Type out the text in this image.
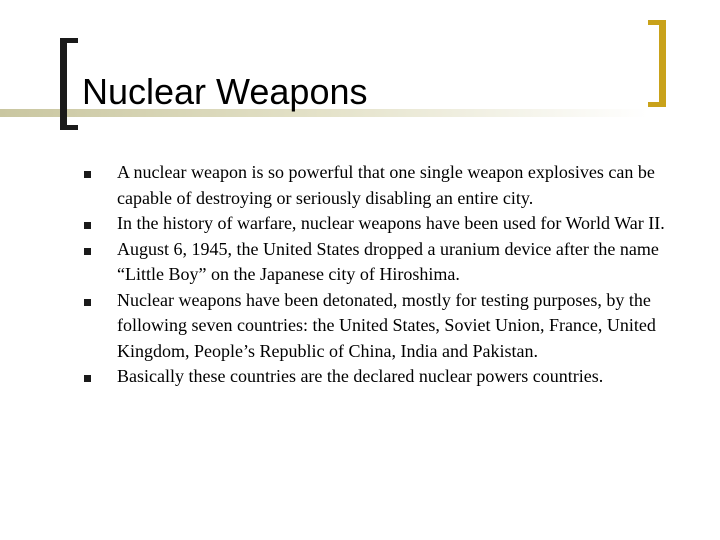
Nuclear Weapons
A nuclear weapon is so powerful that one single weapon explosives can be capable of destroying or seriously disabling an entire city.
In the history of warfare, nuclear weapons have been used for World War II.
August 6, 1945, the United States dropped a uranium device after the name “Little Boy” on the Japanese city of Hiroshima.
Nuclear weapons have been detonated, mostly for testing purposes, by the following seven countries: the United States, Soviet Union, France, United Kingdom, People’s Republic of China, India and Pakistan.
Basically these countries are the declared nuclear powers countries.
